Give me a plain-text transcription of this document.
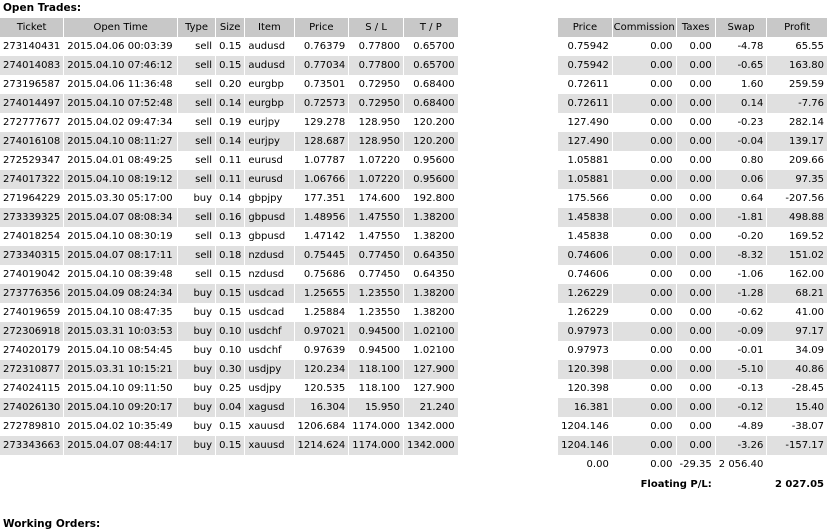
Open Trades:
Ticket	Open Time	Type	Size	Item	Price	S / L	T / P		Price	Commission	Taxes	Swap	Profit
273140431	2015.04.06 00:03:39	sell	0.15	audusd	0.76379	0.77800	0.65700		0.75942	0.00	0.00	-4.78	65.55
274014083	2015.04.10 07:46:12	sell	0.15	audusd	0.77034	0.77800	0.65700		0.75942	0.00	0.00	-0.65	163.80
273196587	2015.04.06 11:36:48	sell	0.20	eurgbp	0.73501	0.72950	0.68400		0.72611	0.00	0.00	1.60	259.59
274014497	2015.04.10 07:52:48	sell	0.14	eurgbp	0.72573	0.72950	0.68400		0.72611	0.00	0.00	0.14	-7.76
272777677	2015.04.02 09:47:34	sell	0.19	eurjpy	129.278	128.950	120.200		127.490	0.00	0.00	-0.23	282.14
274016108	2015.04.10 08:11:27	sell	0.14	eurjpy	128.687	128.950	120.200		127.490	0.00	0.00	-0.04	139.17
272529347	2015.04.01 08:49:25	sell	0.11	eurusd	1.07787	1.07220	0.95600		1.05881	0.00	0.00	0.80	209.66
274017322	2015.04.10 08:19:12	sell	0.11	eurusd	1.06766	1.07220	0.95600		1.05881	0.00	0.00	0.06	97.35
271964229	2015.03.30 05:17:00	buy	0.14	gbpjpy	177.351	174.600	192.800		175.566	0.00	0.00	0.64	-207.56
273339325	2015.04.07 08:08:34	sell	0.16	gbpusd	1.48956	1.47550	1.38200		1.45838	0.00	0.00	-1.81	498.88
274018254	2015.04.10 08:30:19	sell	0.13	gbpusd	1.47142	1.47550	1.38200		1.45838	0.00	0.00	-0.20	169.52
273340315	2015.04.07 08:17:11	sell	0.18	nzdusd	0.75445	0.77450	0.64350		0.74606	0.00	0.00	-8.32	151.02
274019042	2015.04.10 08:39:48	sell	0.15	nzdusd	0.75686	0.77450	0.64350		0.74606	0.00	0.00	-1.06	162.00
273776356	2015.04.09 08:24:34	buy	0.15	usdcad	1.25655	1.23550	1.38200		1.26229	0.00	0.00	-1.28	68.21
274019659	2015.04.10 08:47:35	buy	0.15	usdcad	1.25884	1.23550	1.38200		1.26229	0.00	0.00	-0.62	41.00
272306918	2015.03.31 10:03:53	buy	0.10	usdchf	0.97021	0.94500	1.02100		0.97973	0.00	0.00	-0.09	97.17
274020179	2015.04.10 08:54:45	buy	0.10	usdchf	0.97639	0.94500	1.02100		0.97973	0.00	0.00	-0.01	34.09
272310877	2015.03.31 10:15:21	buy	0.30	usdjpy	120.234	118.100	127.900		120.398	0.00	0.00	-5.10	40.86
274024115	2015.04.10 09:11:50	buy	0.25	usdjpy	120.535	118.100	127.900		120.398	0.00	0.00	-0.13	-28.45
274026130	2015.04.10 09:20:17	buy	0.04	xagusd	16.304	15.950	21.240		16.381	0.00	0.00	-0.12	15.40
272789810	2015.04.02 10:35:49	buy	0.15	xauusd	1206.684	1174.000	1342.000		1204.146	0.00	0.00	-4.89	-38.07
273343663	2015.04.07 08:44:17	buy	0.15	xauusd	1214.624	1174.000	1342.000		1204.146	0.00	0.00	-3.26	-157.17
									0.00	0.00	-29.35	2 056.40	
									Floating P/L:			2 027.05	
Working Orders:
